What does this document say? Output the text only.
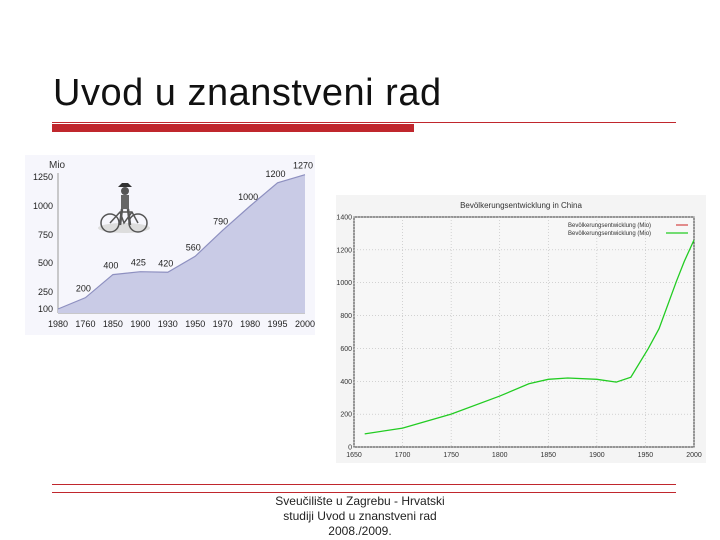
Uvod u znanstveni rad
Mio
200
400 425 420
560
790
1000
1200
1270
1980 1760 1850 1900 1930 1950 1970 1980 1995 2000
100
250
500
750
1000
1250
Bevölkerungsentwicklung in China
1650	1700	1750	1800	1850	1900	1950	2000
0
200
400
600
800
1000
1200
1400
Bevölkerungsentwicklung (Mio)
Bevölkerungsentwicklung (Mio)
Sveučilište u Zagrebu - Hrvatski
studiji Uvod u znanstveni rad
2008./2009.
